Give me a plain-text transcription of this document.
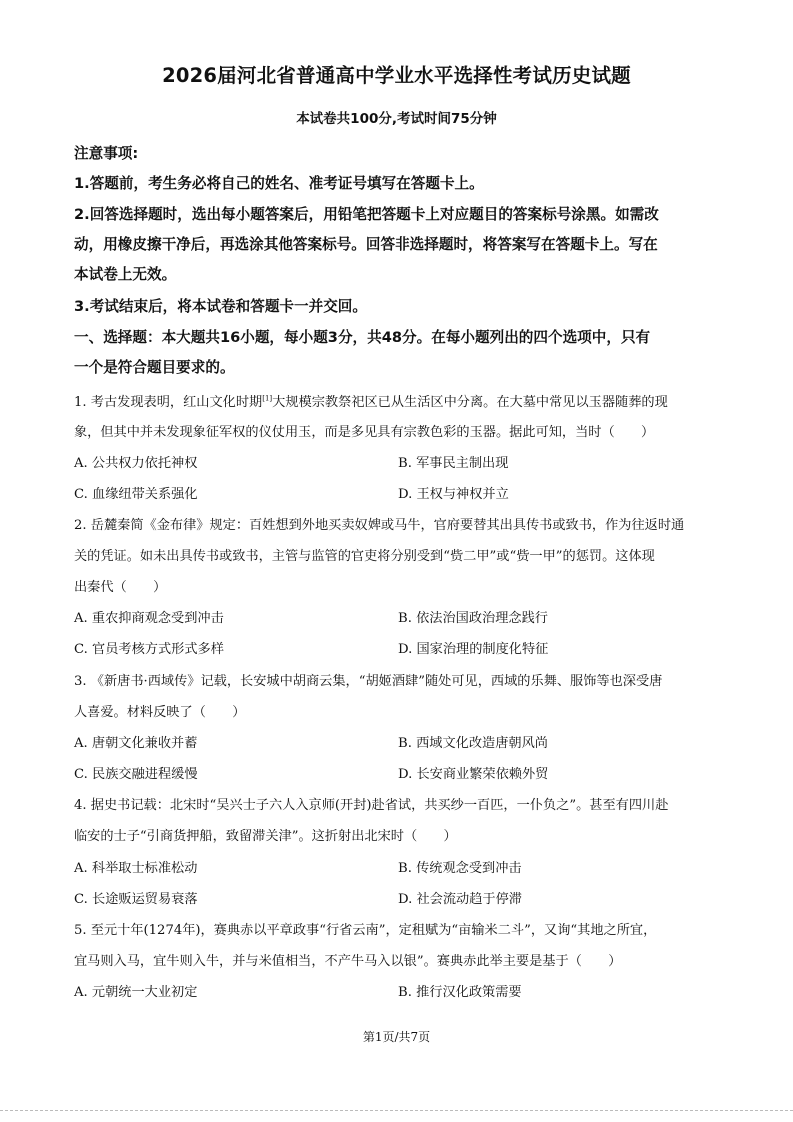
2026届河北省普通高中学业水平选择性考试历史试题
本试卷共100分,考试时间75分钟
注意事项:
1.答题前，考生务必将自己的姓名、准考证号填写在答题卡上。
2.回答选择题时，选出每小题答案后，用铅笔把答题卡上对应题目的答案标号涂黑。如需改
动，用橡皮擦干净后，再选涂其他答案标号。回答非选择题时，将答案写在答题卡上。写在
本试卷上无效。
3.考试结束后，将本试卷和答题卡一并交回。
一、选择题：本大题共16小题，每小题3分，共48分。在每小题列出的四个选项中，只有
一个是符合题目要求的。
1. 考古发现表明，红山文化时期[1]大规模宗教祭祀区已从生活区中分离。在大墓中常见以玉器随葬的现
象，但其中并未发现象征军权的仪仗用玉，而是多见具有宗教色彩的玉器。据此可知，当时（　　）
A. 公共权力依托神权	B. 军事民主制出现
C. 血缘纽带关系强化	D. 王权与神权并立
2. 岳麓秦简《金布律》规定：百姓想到外地买卖奴婢或马牛，官府要替其出具传书或致书，作为往返时通
关的凭证。如未出具传书或致书，主管与监管的官吏将分别受到“赀二甲”或“赀一甲”的惩罚。这体现
出秦代（　　）
A. 重农抑商观念受到冲击	B. 依法治国政治理念践行
C. 官员考核方式形式多样	D. 国家治理的制度化特征
3. 《新唐书·西域传》记载，长安城中胡商云集，“胡姬酒肆”随处可见，西域的乐舞、服饰等也深受唐
人喜爱。材料反映了（　　）
A. 唐朝文化兼收并蓄	B. 西域文化改造唐朝风尚
C. 民族交融进程缓慢	D. 长安商业繁荣依赖外贸
4. 据史书记载：北宋时“吴兴士子六人入京师(开封)赴省试，共买纱一百匹，一仆负之”。甚至有四川赴
临安的士子“引商货押船，致留滞关津”。这折射出北宋时（　　）
A. 科举取士标准松动	B. 传统观念受到冲击
C. 长途贩运贸易衰落	D. 社会流动趋于停滞
5. 至元十年(1274年)，赛典赤以平章政事“行省云南”，定租赋为“亩输米二斗”，又询“其地之所宜，
宜马则入马，宜牛则入牛，并与米值相当，不产牛马入以银”。赛典赤此举主要是基于（　　）
A. 元朝统一大业初定	B. 推行汉化政策需要
第1页/共7页
